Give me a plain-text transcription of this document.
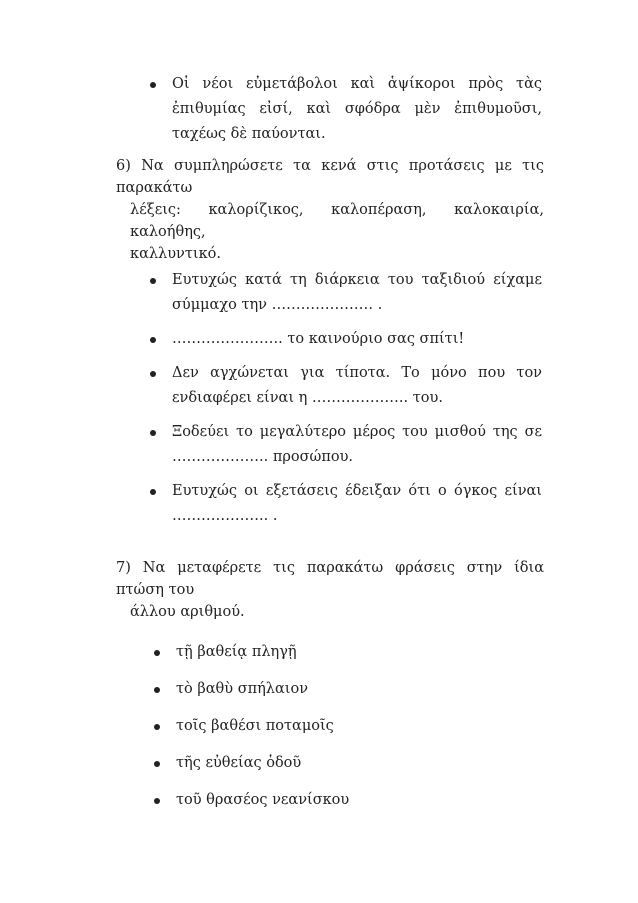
Οἱ νέοι εὐμετάβολοι καὶ ἁψίκοροι πρὸς τὰς ἐπιθυμίας εἰσί, καὶ σφόδρα μὲν ἐπιθυμοῦσι, ταχέως δὲ παύονται.
6) Να συμπληρώσετε τα κενά στις προτάσεις με τις παρακάτω
λέξεις: καλορίζικος, καλοπέραση, καλοκαιρία, καλοήθης,
καλλυντικό.
Ευτυχώς κατά τη διάρκεια του ταξιδιού είχαμε σύμμαχο την ………………… .
………………….. το καινούριο σας σπίτι!
Δεν αγχώνεται για τίποτα. Το μόνο που τον ενδιαφέρει είναι η ……………….. του.
Ξοδεύει το μεγαλύτερο μέρος του μισθού της σε ……………….. προσώπου.
Ευτυχώς οι εξετάσεις έδειξαν ότι ο όγκος είναι ……………….. .
7) Να μεταφέρετε τις παρακάτω φράσεις στην ίδια πτώση του
άλλου αριθμού.
τῇ βαθείᾳ πληγῇ
τὸ βαθὺ σπήλαιον
τοῖς βαθέσι ποταμοῖς
τῆς εὐθείας ὁδοῦ
τοῦ θρασέος νεανίσκου
